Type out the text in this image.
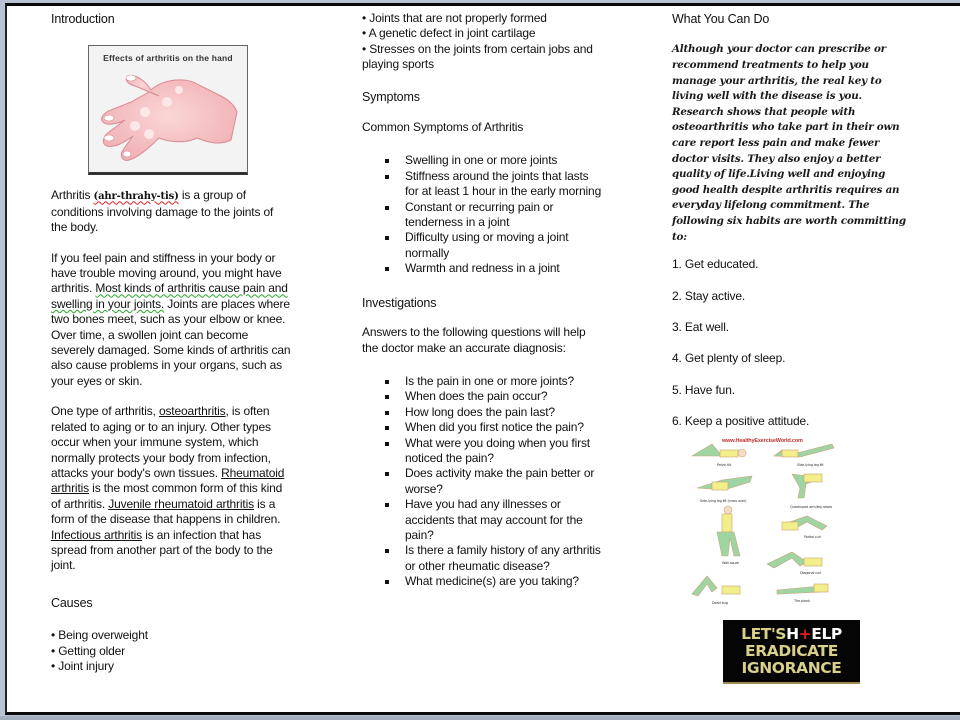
Introduction

Effects of arthritis on the hand

Arthritis (ahr-thrahy-tis) is a group of conditions involving damage to the joints of the body.

If you feel pain and stiffness in your body or have trouble moving around, you might have arthritis. Most kinds of arthritis cause pain and swelling in your joints. Joints are places where two bones meet, such as your elbow or knee. Over time, a swollen joint can become severely damaged. Some kinds of arthritis can also cause problems in your organs, such as your eyes or skin.

One type of arthritis, osteoarthritis, is often related to aging or to an injury. Other types occur when your immune system, which normally protects your body from infection, attacks your body's own tissues. Rheumatoid arthritis is the most common form of this kind of arthritis. Juvenile rheumatoid arthritis is a form of the disease that happens in children. Infectious arthritis is an infection that has spread from another part of the body to the joint.

Causes

• Being overweight
• Getting older
• Joint injury
• Joints that are not properly formed
• A genetic defect in joint cartilage
• Stresses on the joints from certain jobs and playing sports

Symptoms

Common Symptoms of Arthritis

Swelling in one or more joints
Stiffness around the joints that lasts for at least 1 hour in the early morning
Constant or recurring pain or tenderness in a joint
Difficulty using or moving a joint normally
Warmth and redness in a joint

Investigations

Answers to the following questions will help the doctor make an accurate diagnosis:

Is the pain in one or more joints?
When does the pain occur?
How long does the pain last?
When did you first notice the pain?
What were you doing when you first noticed the pain?
Does activity make the pain better or worse?
Have you had any illnesses or accidents that may account for the pain?
Is there a family history of any arthritis or other rheumatic disease?
What medicine(s) are you taking?

What You Can Do

Although your doctor can prescribe or recommend treatments to help you manage your arthritis, the real key to living well with the disease is you. Research shows that people with osteoarthritis who take part in their own care report less pain and make fewer doctor visits. They also enjoy a better quality of life.Living well and enjoying good health despite arthritis requires an everyday lifelong commitment. The following six habits are worth committing to:

1. Get educated.

2. Stay active.

3. Eat well.

4. Get plenty of sleep.

5. Have fun.

6. Keep a positive attitude.

www.HealthyExerciseWorld.com
Pelvic tilt	Side-lying leg lift
Side-lying leg lift (cross over)
Quadruped arm/leg raises
Partial curl
Wall squat
Diagonal curl
Dead bug	The plank
LET'SH+ELP
ERADICATE
IGNORANCE
